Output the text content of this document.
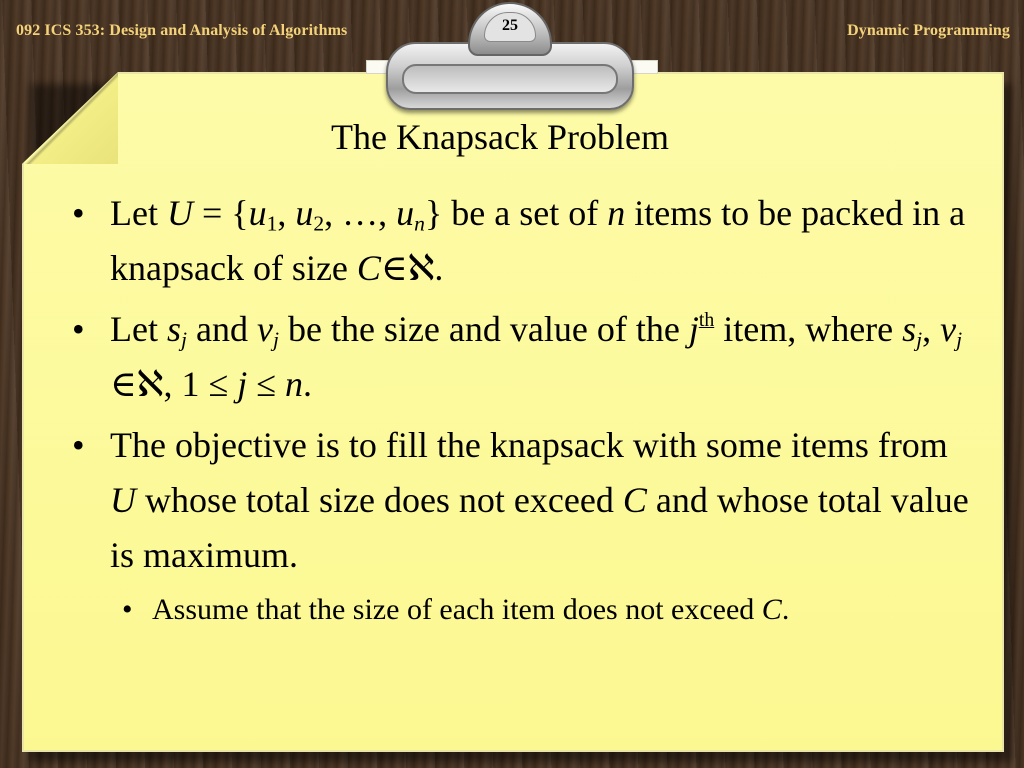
092 ICS 353: Design and Analysis of Algorithms	Dynamic Programming
25
The Knapsack Problem
• Let $U = \{u_1$, $u_2$, …, $u_n$} be a set of n items to be packed in a knapsack of size C∈ℵ.
• Let $s_j$ and $v_j$ be the size and value of the $j^{th}$ item, where $s_j$, $v_j$ ∈ℵ, 1 ≤ j ≤ n.
• The objective is to fill the knapsack with some items from U whose total size does not exceed C and whose total value is maximum.
• Assume that the size of each item does not exceed C.
